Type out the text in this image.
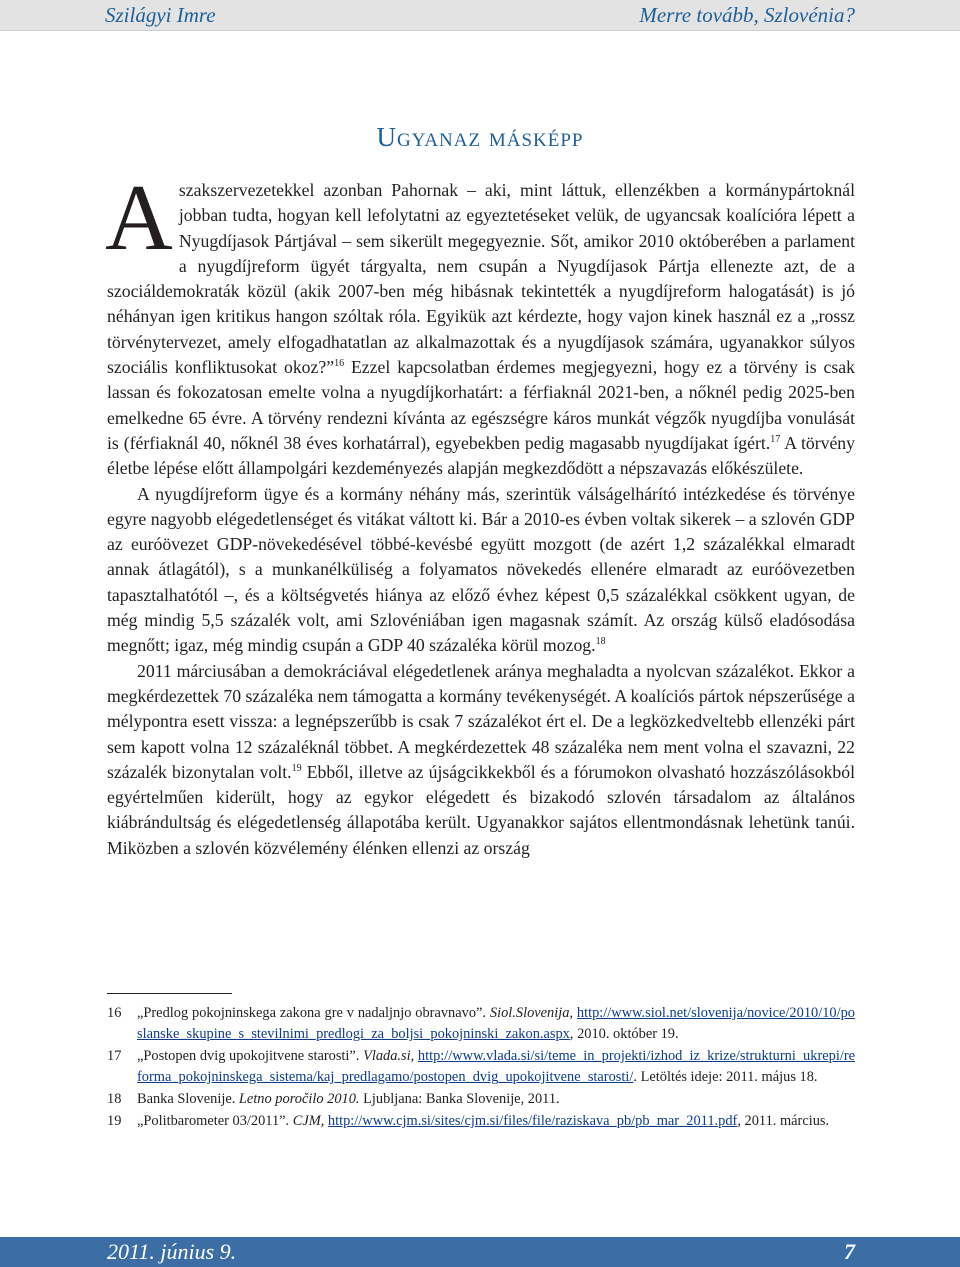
Szilágyi Imre	Merre tovább, Szlovénia?
Ugyanaz másképp

Aszakszervezetekkel azonban Pahornak – aki, mint láttuk, ellenzékben a kormánypártoknál jobban tudta, hogyan kell lefolytatni az egyeztetéseket velük, de ugyancsak koalícióra lépett a Nyugdíjasok Pártjával – sem sikerült megegyeznie. Sőt, amikor 2010 októberében a parlament a nyugdíjreform ügyét tárgyalta, nem csupán a Nyugdíjasok Pártja ellenezte azt, de a szociáldemokraták közül (akik 2007-ben még hibásnak tekintették a nyugdíjreform halogatását) is jó néhányan igen kritikus hangon szóltak róla. Egyikük azt kérdezte, hogy vajon kinek használ ez a „rossz törvénytervezet, amely elfogadhatatlan az alkalmazottak és a nyugdíjasok számára, ugyanakkor súlyos szociális konfliktusokat okoz?”$^{16}$ Ezzel kapcsolatban érdemes megjegyezni, hogy ez a törvény is csak lassan és fokozatosan emelte volna a nyugdíjkorhatárt: a férfiaknál 2021-ben, a nőknél pedig 2025-ben emelkedne 65 évre. A törvény rendezni kívánta az egészségre káros munkát végzők nyugdíjba vonulását is (férfiaknál 40, nőknél 38 éves korhatárral), egyebekben pedig magasabb nyugdíjakat ígért.$^{17}$ A törvény életbe lépése előtt állampolgári kezdeményezés alapján megkezdődött a népszavazás előkészülete.

A nyugdíjreform ügye és a kormány néhány más, szerintük válságelhárító intézkedése és törvénye egyre nagyobb elégedetlenséget és vitákat váltott ki. Bár a 2010-es évben voltak sikerek – a szlovén GDP az euróövezet GDP-növekedésével többé-kevésbé együtt mozgott (de azért 1,2 százalékkal elmaradt annak átlagától), s a munkanélküliség a folyamatos növekedés ellenére elmaradt az euróövezetben tapasztalhatótól –, és a költségvetés hiánya az előző évhez képest 0,5 százalékkal csökkent ugyan, de még mindig 5,5 százalék volt, ami Szlovéniában igen magasnak számít. Az ország külső eladósodása megnőtt; igaz, még mindig csupán a GDP 40 százaléka körül mozog.$^{18}$

2011 márciusában a demokráciával elégedetlenek aránya meghaladta a nyolcvan százalékot. Ekkor a megkérdezettek 70 százaléka nem támogatta a kormány tevékenységét. A koalíciós pártok népszerűsége a mélypontra esett vissza: a legnépszerűbb is csak 7 százalékot ért el. De a legközkedveltebb ellenzéki párt sem kapott volna 12 százaléknál többet. A megkérdezettek 48 százaléka nem ment volna el szavazni, 22 százalék bizonytalan volt.$^{19}$ Ebből, illetve az újságcikkekből és a fórumokon olvasható hozzászólásokból egyértelműen kiderült, hogy az egykor elégedett és bizakodó szlovén társadalom az általános kiábrándultság és elégedetlenség állapotába került. Ugyanakkor sajátos ellentmondásnak lehetünk tanúi. Miközben a szlovén közvélemény élénken ellenzi az ország

16 „Predlog pokojninskega zakona gre v nadaljnjo obravnavo”. Siol.Slovenija, http://www.siol.net/slovenija/novice/2010/10/poslanske_skupine_s_stevilnimi_predlogi_za_boljsi_pokojninski_zakon.aspx, 2010. október 19.
17 „Postopen dvig upokojitvene starosti”. Vlada.si, http://www.vlada.si/si/teme_in_projekti/izhod_iz_krize/strukturni_ukrepi/reforma_pokojninskega_sistema/kaj_predlagamo/postopen_dvig_upokojitvene_starosti/. Letöltés ideje: 2011. május 18.
18 Banka Slovenije. Letno poročilo 2010. Ljubljana: Banka Slovenije, 2011.
19 „Politbarometer 03/2011”. CJM, http://www.cjm.si/sites/cjm.si/files/file/raziskava_pb/pb_mar_2011.pdf, 2011. március.
2011. június 9.	7
